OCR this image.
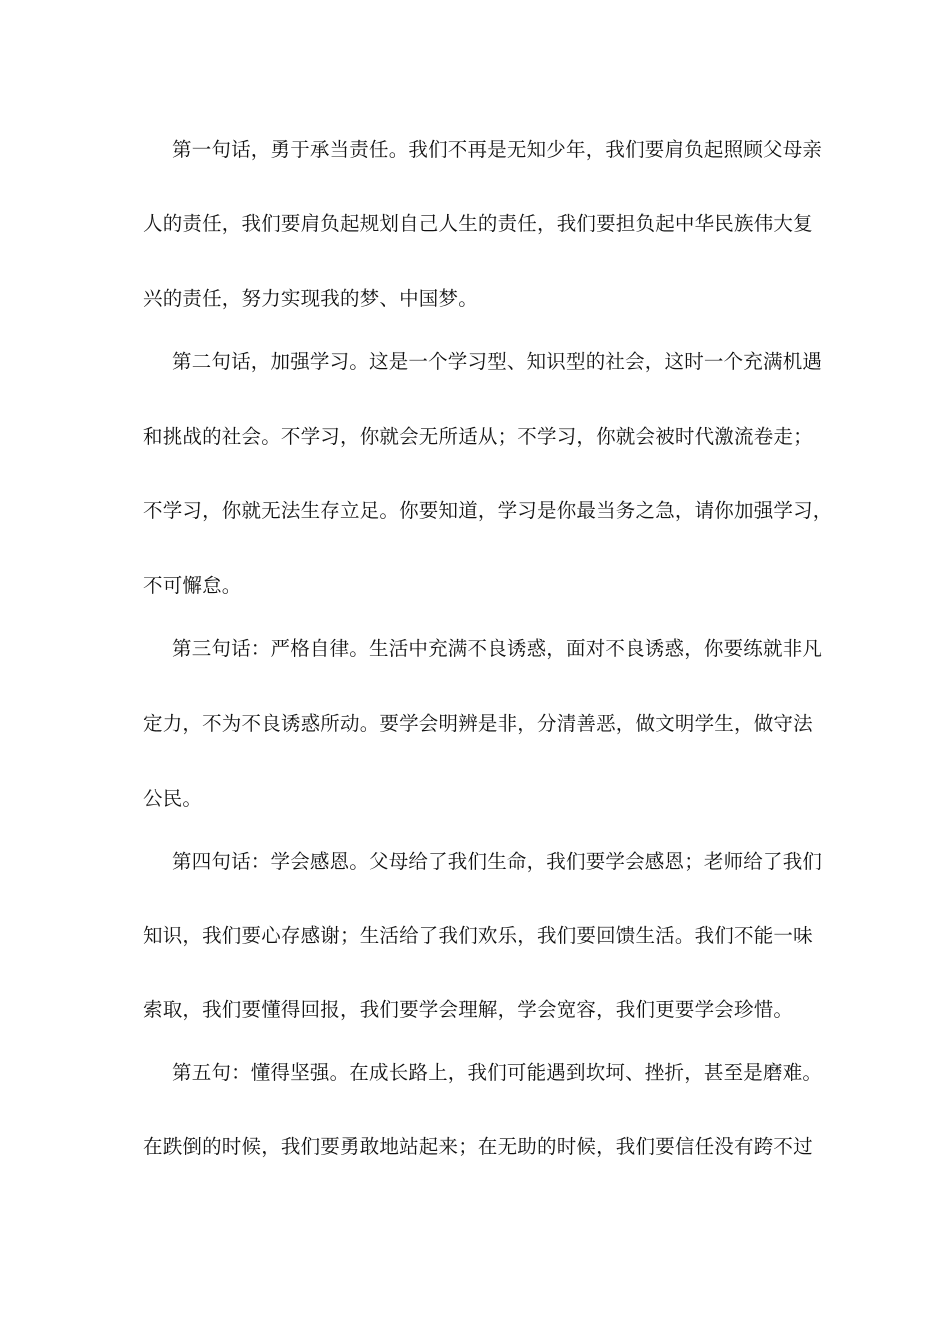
第一句话，勇于承当责任。我们不再是无知少年，我们要肩负起照顾父母亲
人的责任，我们要肩负起规划自己人生的责任，我们要担负起中华民族伟大复
兴的责任，努力实现我的梦、中国梦。
第二句话，加强学习。这是一个学习型、知识型的社会，这时一个充满机遇
和挑战的社会。不学习，你就会无所适从；不学习，你就会被时代激流卷走；
不学习，你就无法生存立足。你要知道，学习是你最当务之急，请你加强学习，
不可懈怠。
第三句话：严格自律。生活中充满不良诱惑，面对不良诱惑，你要练就非凡
定力，不为不良诱惑所动。要学会明辨是非，分清善恶，做文明学生，做守法
公民。
第四句话：学会感恩。父母给了我们生命，我们要学会感恩；老师给了我们
知识，我们要心存感谢；生活给了我们欢乐，我们要回馈生活。我们不能一味
索取，我们要懂得回报，我们要学会理解，学会宽容，我们更要学会珍惜。
第五句：懂得坚强。在成长路上，我们可能遇到坎坷、挫折，甚至是磨难。
在跌倒的时候，我们要勇敢地站起来；在无助的时候，我们要信任没有跨不过
